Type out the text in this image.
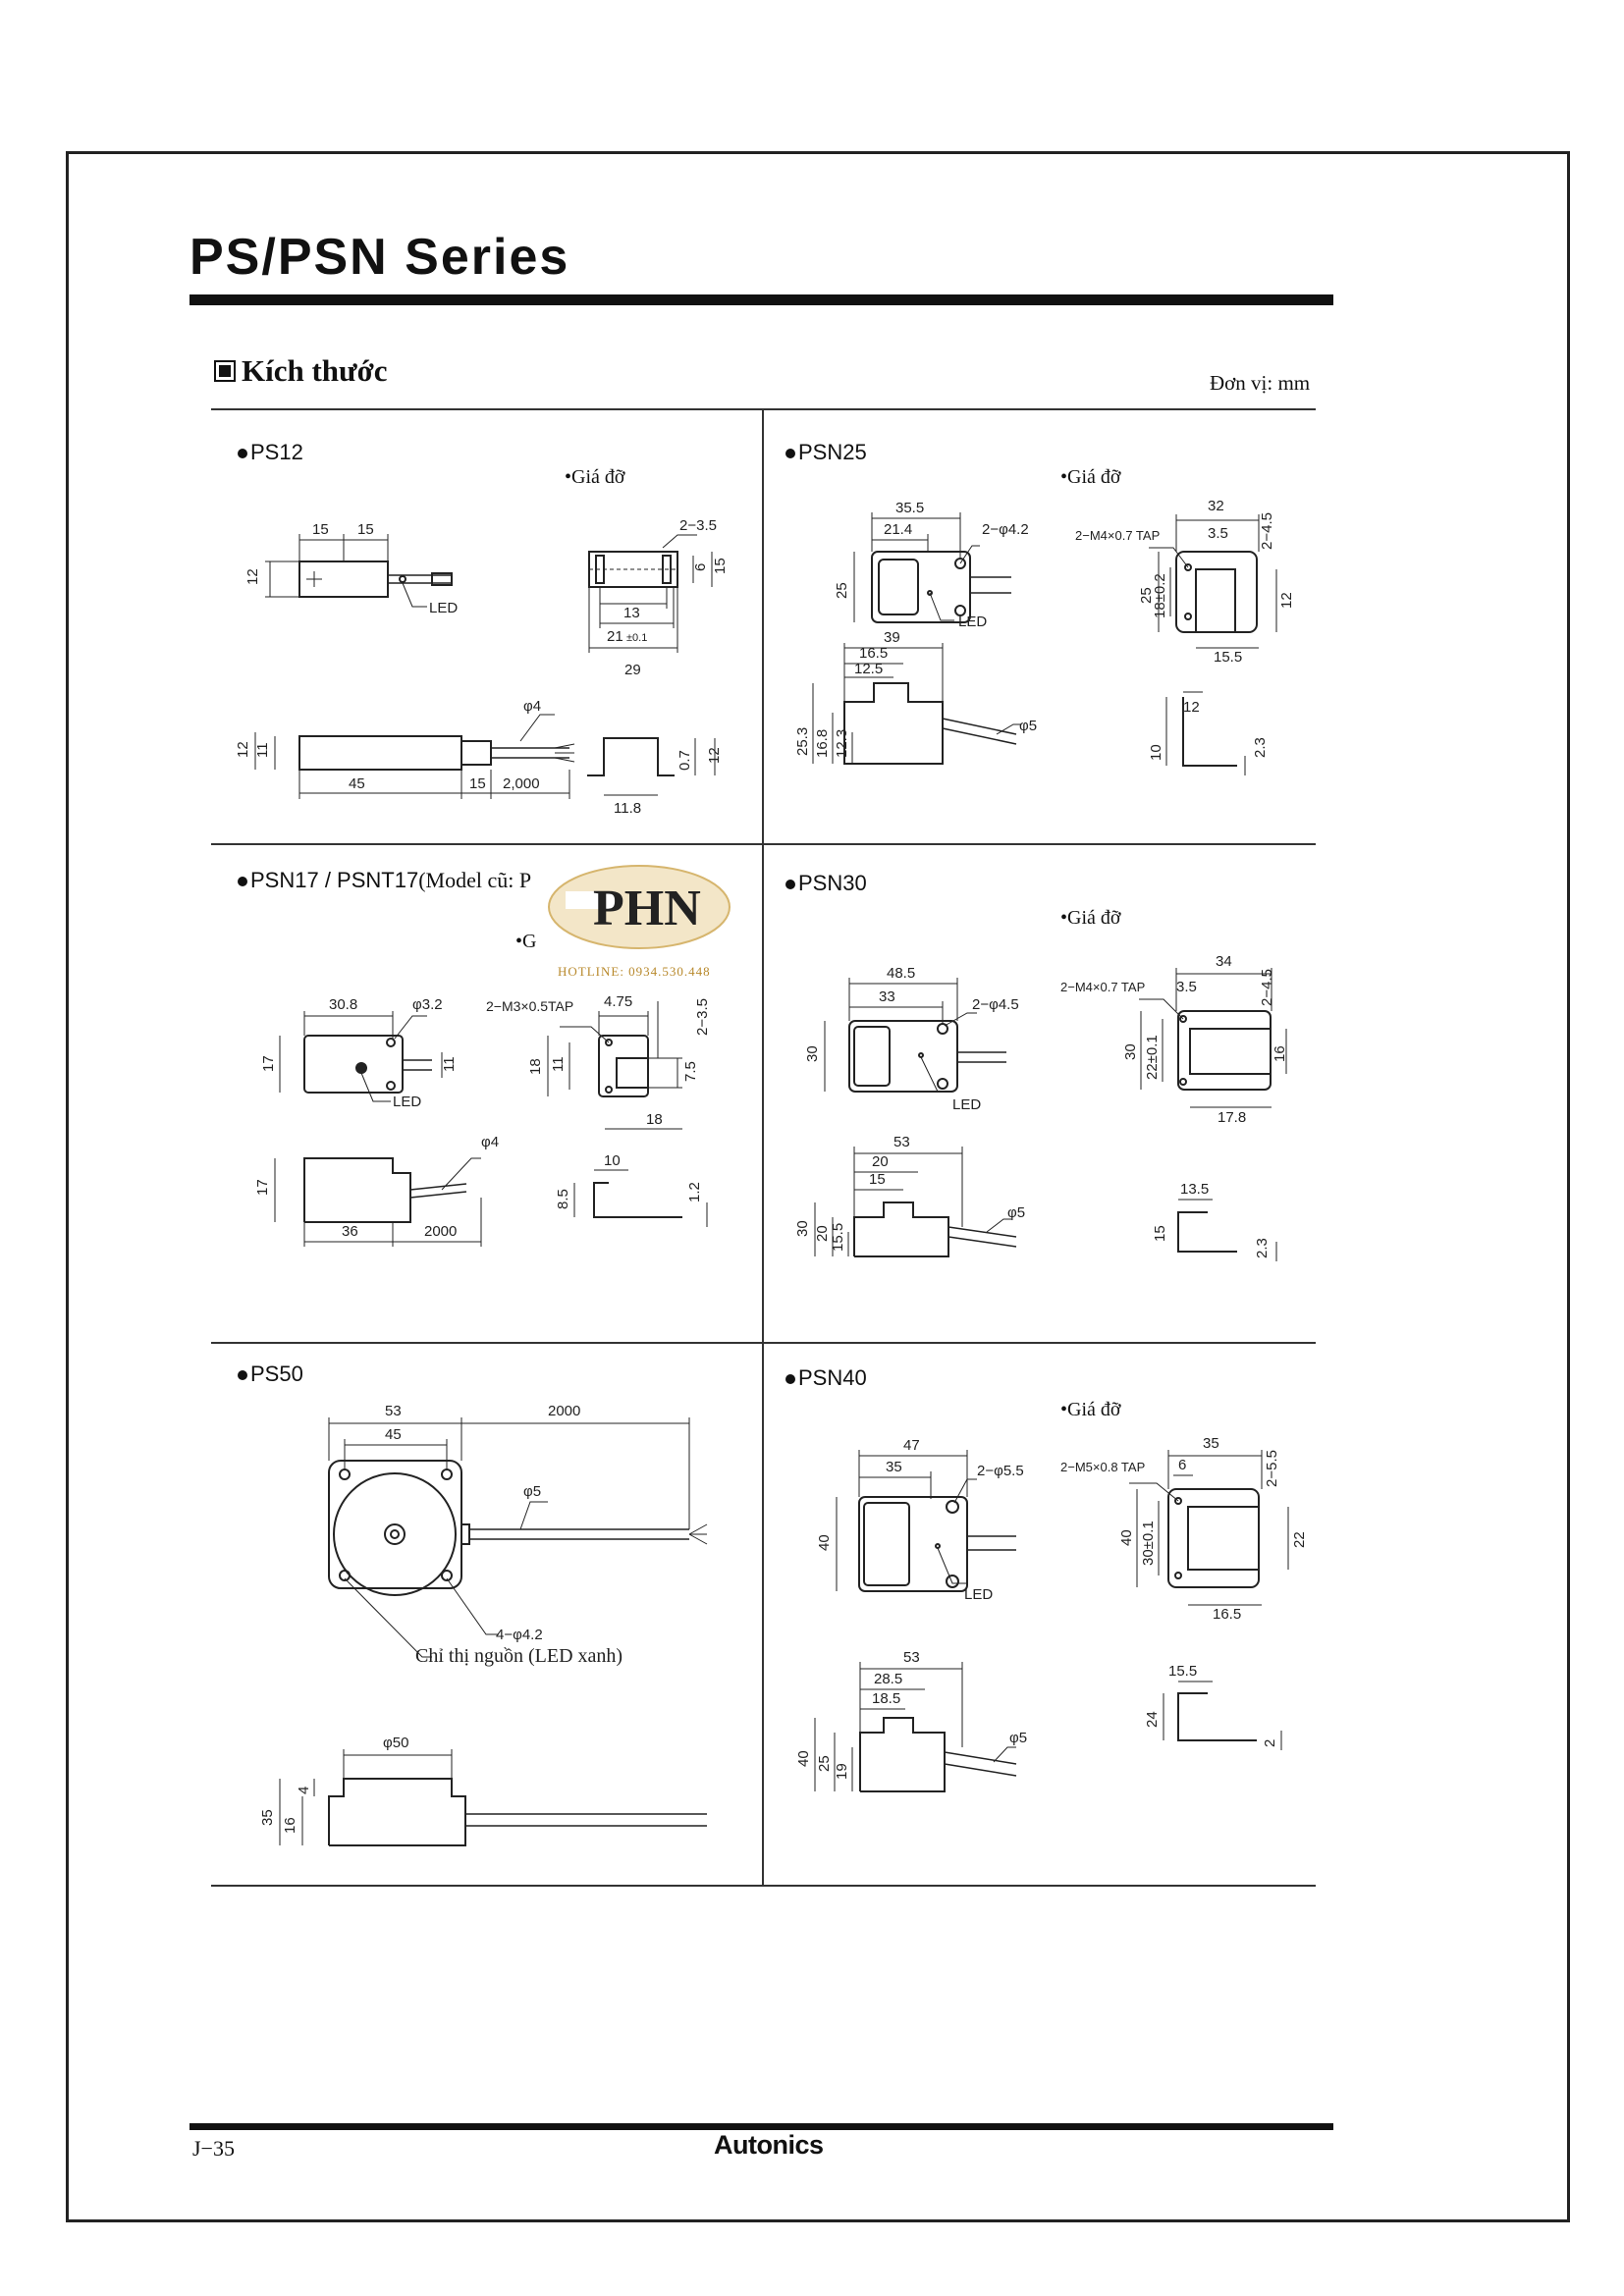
PS/PSN Series
Kích thước	Đơn vị: mm
PS12
•Giá đỡ
15 15
12
LED
2−3.5
13
21 ±0.1
29
6 15
12 11
45	15 2,000
φ4
0.7 12
11.8
PSN25
•Giá đỡ
35.5
21.4	2−φ4.2
25
LED
32
2−M4×0.7 TAP	3.5 2−4.5
25
18±0.2	12
15.5
39
16.5
12.5
φ5
25.3 16.8 12.3
12
10	2.3
PSN17 / PSNT17(Model cũ: P
•G
PHN
HOTLINE: 0934.530.448
30.8	φ3.2
17	11
LED
2−M3×0.5TAP 4.75	2−3.5
18 11	7.5
18
φ4
17
36	2000
10
8.5	1.2
PSN30
•Giá đỡ
48.5
33	2−φ4.5
30
LED
34
2−M4×0.7 TAP 3.5	2−4.5
30 22±0.1	16
17.8
53
20
15
φ5
30 20 15.5
13.5
15
2.3
PS50
53
45
2000
φ5
4−φ4.2
Chỉ thị nguồn (LED xanh)
φ50
35 16
4
PSN40
•Giá đỡ
47
35	2−φ5.5
40
LED
35
2−M5×0.8 TAP 6	2−5.5
40 30±0.1	22
16.5
53
28.5
18.5
φ5
40 25 19
15.5
24
2
J−35	Autonics
